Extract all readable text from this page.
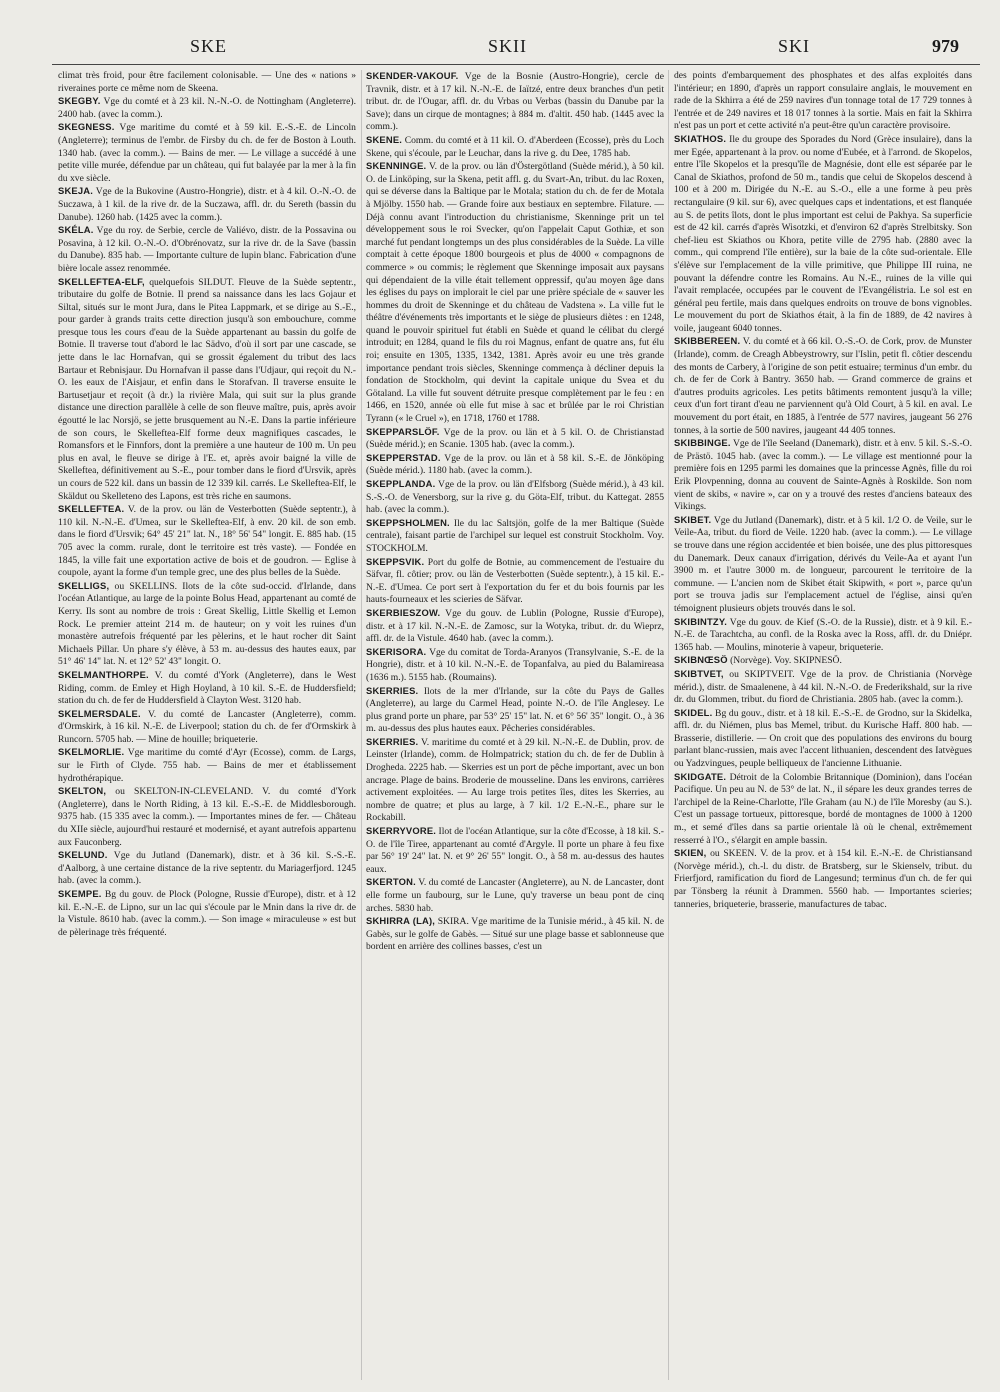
SKE	SKII	SKI	979

climat très froid, pour être facilement colonisable. — Une des « nations » riveraines porte ce même nom de Skeena.

SKEGBY. Vge du comté et à 23 kil. N.-N.-O. de Nottingham (Angleterre). 2400 hab. (avec la comm.).

SKEGNESS. Vge maritime du comté et à 59 kil. E.-S.-E. de Lincoln (Angleterre); terminus de l'embr. de Firsby du ch. de fer de Boston à Louth. 1340 hab. (avec la comm.). — Bains de mer. — Le village a succédé à une petite ville murée, défendue par un château, qui fut balayée par la mer à la fin du xve siècle.

SKEJA. Vge de la Bukovine (Austro-Hongrie), distr. et à 4 kil. O.-N.-O. de Suczawa, à 1 kil. de la rive dr. de la Suczawa, affl. dr. du Sereth (bassin du Danube). 1260 hab. (1425 avec la comm.).

SKÉLA. Vge du roy. de Serbie, cercle de Valiévo, distr. de la Possavina ou Posavina, à 12 kil. O.-N.-O. d'Obrénovatz, sur la rive dr. de la Save (bassin du Danube). 835 hab. — Importante culture de lupin blanc. Fabrication d'une bière locale assez renommée.

SKELLEFTEA-ELF, quelquefois SILDUT. Fleuve de la Suède septentr., tributaire du golfe de Botnie. Il prend sa naissance dans les lacs Gojaur et Siltal, situés sur le mont Jura, dans le Pitea Lappmark, et se dirige au S.-E., pour garder à grands traits cette direction jusqu'à son embouchure, comme presque tous les cours d'eau de la Suède appartenant au bassin du golfe de Botnie. Il traverse tout d'abord le lac Sädvo, d'où il sort par une cascade, se jette dans le lac Hornafvan, qui se grossit également du tribut des lacs Bartaur et Rebnisjaur. Du Hornafvan il passe dans l'Udjaur, qui reçoit du N.-O. les eaux de l'Aisjaur, et enfin dans le Storafvan. Il traverse ensuite le Bartusetjaur et reçoit (à dr.) la rivière Mala, qui suit sur la plus grande distance une direction parallèle à celle de son fleuve maître, puis, après avoir égoutté le lac Norsjö, se jette brusquement au N.-E. Dans la partie inférieure de son cours, le Skelleftea-Elf forme deux magnifiques cascades, le Romansfors et le Finnfors, dont la première a une hauteur de 100 m. Un peu plus en aval, le fleuve se dirige à l'E. et, après avoir baigné la ville de Skelleftea, définitivement au S.-E., pour tomber dans le fiord d'Ursvik, après un cours de 522 kil. dans un bassin de 12 339 kil. carrés. Le Skelleftea-Elf, le Skäldut ou Skelleteno des Lapons, est très riche en saumons.

SKELLEFTEA. V. de la prov. ou län de Vesterbotten (Suède septentr.), à 110 kil. N.-N.-E. d'Umea, sur le Skelleftea-Elf, à env. 20 kil. de son emb. dans le fiord d'Ursvik; 64° 45' 21" lat. N., 18° 56' 54" longit. E. 885 hab. (15 705 avec la comm. rurale, dont le territoire est très vaste). — Fondée en 1845, la ville fait une exportation active de bois et de goudron. — Eglise à coupole, ayant la forme d'un temple grec, une des plus belles de la Suède.

SKELLIGS, ou SKELLINS. Ilots de la côte sud-occid. d'Irlande, dans l'océan Atlantique, au large de la pointe Bolus Head, appartenant au comté de Kerry. Ils sont au nombre de trois : Great Skellig, Little Skellig et Lemon Rock. Le premier atteint 214 m. de hauteur; on y voit les ruines d'un monastère autrefois fréquenté par les pèlerins, et le haut rocher dit Saint Michaels Pillar. Un phare s'y élève, à 53 m. au-dessus des hautes eaux, par 51° 46' 14" lat. N. et 12° 52' 43" longit. O.

SKELMANTHORPE. V. du comté d'York (Angleterre), dans le West Riding, comm. de Emley et High Hoyland, à 10 kil. S.-E. de Huddersfield; station du ch. de fer de Huddersfield à Clayton West. 3120 hab.

SKELMERSDALE. V. du comté de Lancaster (Angleterre), comm. d'Ormskirk, à 16 kil. N.-E. de Liverpool; station du ch. de fer d'Ormskirk à Runcorn. 5705 hab. — Mine de houille; briqueterie.

SKELMORLIE. Vge maritime du comté d'Ayr (Ecosse), comm. de Largs, sur le Firth of Clyde. 755 hab. — Bains de mer et établissement hydrothérapique.

SKELTON, ou SKELTON-IN-CLEVELAND. V. du comté d'York (Angleterre), dans le North Riding, à 13 kil. E.-S.-E. de Middlesborough. 9375 hab. (15 335 avec la comm.). — Importantes mines de fer. — Château du XIIe siècle, aujourd'hui restauré et modernisé, et ayant autrefois appartenu aux Fauconberg.

SKELUND. Vge du Jutland (Danemark), distr. et à 36 kil. S.-S.-E. d'Aalborg, à une certaine distance de la rive septentr. du Mariagerfjord. 1245 hab. (avec la comm.).

SKEMPE. Bg du gouv. de Plock (Pologne, Russie d'Europe), distr. et à 12 kil. E.-N.-E. de Lipno, sur un lac qui s'écoule par le Mnin dans la rive dr. de la Vistule. 8610 hab. (avec la comm.). — Son image « miraculeuse » est but de pèlerinage très fréquenté.

SKENDER-VAKOUF. Vge de la Bosnie (Austro-Hongrie), cercle de Travnik, distr. et à 17 kil. N.-N.-E. de Iaïtzé, entre deux branches d'un petit tribut. dr. de l'Ougar, affl. dr. du Vrbas ou Verbas (bassin du Danube par la Save); dans un cirque de montagnes; à 884 m. d'altit. 450 hab. (1445 avec la comm.).

SKENE. Comm. du comté et à 11 kil. O. d'Aberdeen (Ecosse), près du Loch Skene, qui s'écoule, par le Leuchar, dans la rive g. du Dee, 1785 hab.

SKENNINGE. V. de la prov. ou län d'Östergötland (Suède mérid.), à 50 kil. O. de Linköping, sur la Skena, petit affl. g. du Svart-An, tribut. du lac Roxen, qui se déverse dans la Baltique par le Motala; station du ch. de fer de Motala à Mjölby. 1550 hab. — Grande foire aux bestiaux en septembre. Filature. — Déjà connu avant l'introduction du christianisme, Skenninge prit un tel développement sous le roi Svecker, qu'on l'appelait Caput Gothiæ, et son marché fut pendant longtemps un des plus considérables de la Suède. La ville comptait à cette époque 1800 bourgeois et plus de 4000 « compagnons de commerce » ou commis; le règlement que Skenninge imposait aux paysans qui dépendaient de la ville était tellement oppressif, qu'au moyen âge dans les églises du pays on implorait le ciel par une prière spéciale de « sauver les hommes du droit de Skenninge et du château de Vadstena ». La ville fut le théâtre d'événements très importants et le siège de plusieurs diètes : en 1248, quand le pouvoir spirituel fut établi en Suède et quand le célibat du clergé introduit; en 1284, quand le fils du roi Magnus, enfant de quatre ans, fut élu roi; ensuite en 1305, 1335, 1342, 1381. Après avoir eu une très grande importance pendant trois siècles, Skenninge commença à décliner depuis la fondation de Stockholm, qui devint la capitale unique du Svea et du Götaland. La ville fut souvent détruite presque complètement par le feu : en 1466, en 1520, année où elle fut mise à sac et brûlée par le roi Christian Tyrann (« le Cruel »), en 1718, 1760 et 1788.

SKEPPARSLÖF. Vge de la prov. ou län et à 5 kil. O. de Christianstad (Suède mérid.); en Scanie. 1305 hab. (avec la comm.).

SKEPPERSTAD. Vge de la prov. ou län et à 58 kil. S.-E. de Jönköping (Suède mérid.). 1180 hab. (avec la comm.).

SKEPPLANDA. Vge de la prov. ou län d'Elfsborg (Suède mérid.), à 43 kil. S.-S.-O. de Venersborg, sur la rive g. du Göta-Elf, tribut. du Kattegat. 2855 hab. (avec la comm.).

SKEPPSHOLMEN. Ile du lac Saltsjön, golfe de la mer Baltique (Suède centrale), faisant partie de l'archipel sur lequel est construit Stockholm. Voy. STOCKHOLM.

SKEPPSVIK. Port du golfe de Botnie, au commencement de l'estuaire du Säfvar, fl. côtier; prov. ou län de Vesterbotten (Suède septentr.), à 15 kil. E.-N.-E. d'Umea. Ce port sert à l'exportation du fer et du bois fournis par les hauts-fourneaux et les scieries de Säfvar.

SKERBIESZOW. Vge du gouv. de Lublin (Pologne, Russie d'Europe), distr. et à 17 kil. N.-N.-E. de Zamosc, sur la Wotyka, tribut. dr. du Wieprz, affl. dr. de la Vistule. 4640 hab. (avec la comm.).

SKERISORA. Vge du comitat de Torda-Aranyos (Transylvanie, S.-E. de la Hongrie), distr. et à 10 kil. N.-N.-E. de Topanfalva, au pied du Balamireasa (1636 m.). 5155 hab. (Roumains).

SKERRIES. Ilots de la mer d'Irlande, sur la côte du Pays de Galles (Angleterre), au large du Carmel Head, pointe N.-O. de l'île Anglesey. Le plus grand porte un phare, par 53° 25' 15" lat. N. et 6° 56' 35" longit. O., à 36 m. au-dessus des plus hautes eaux. Pêcheries considérables.

SKERRIES. V. maritime du comté et à 29 kil. N.-N.-E. de Dublin, prov. de Leinster (Irlande), comm. de Holmpatrick; station du ch. de fer de Dublin à Drogheda. 2225 hab. — Skerries est un port de pêche important, avec un bon ancrage. Plage de bains. Broderie de mousseline. Dans les environs, carrières activement exploitées. — Au large trois petites îles, dites les Skerries, au nombre de quatre; et plus au large, à 7 kil. 1/2 E.-N.-E., phare sur le Rockabill.

SKERRYVORE. Ilot de l'océan Atlantique, sur la côte d'Ecosse, à 18 kil. S.-O. de l'île Tiree, appartenant au comté d'Argyle. Il porte un phare à feu fixe par 56° 19' 24" lat. N. et 9° 26' 55" longit. O., à 58 m. au-dessus des hautes eaux.

SKERTON. V. du comté de Lancaster (Angleterre), au N. de Lancaster, dont elle forme un faubourg, sur le Lune, qu'y traverse un beau pont de cinq arches. 5830 hab.

SKHIRRA (LA), SKIRA. Vge maritime de la Tunisie mérid., à 45 kil. N. de Gabès, sur le golfe de Gabès. — Situé sur une plage basse et sablonneuse que bordent en arrière des collines basses, c'est un

des points d'embarquement des phosphates et des alfas exploités dans l'intérieur; en 1890, d'après un rapport consulaire anglais, le mouvement en rade de la Skhirra a été de 259 navires d'un tonnage total de 17 729 tonnes à l'entrée et de 249 navires et 18 017 tonnes à la sortie. Mais en fait la Skhirra n'est pas un port et cette activité n'a peut-être qu'un caractère provisoire.

SKIATHOS. Ile du groupe des Sporades du Nord (Grèce insulaire), dans la mer Egée, appartenant à la prov. ou nome d'Eubée, et à l'arrond. de Skopelos, entre l'île Skopelos et la presqu'île de Magnésie, dont elle est séparée par le Canal de Skiathos, profond de 50 m., tandis que celui de Skopelos descend à 100 et à 200 m. Dirigée du N.-E. au S.-O., elle a une forme à peu près rectangulaire (9 kil. sur 6), avec quelques caps et indentations, et est flanquée au S. de petits îlots, dont le plus important est celui de Pakhya. Sa superficie est de 42 kil. carrés d'après Wisotzki, et d'environ 62 d'après Strelbitsky. Son chef-lieu est Skiathos ou Khora, petite ville de 2795 hab. (2880 avec la comm., qui comprend l'île entière), sur la baie de la côte sud-orientale. Elle s'élève sur l'emplacement de la ville primitive, que Philippe III ruina, ne pouvant la défendre contre les Romains. Au N.-E., ruines de la ville qui l'avait remplacée, occupées par le couvent de l'Evangélistria. Le sol est en général peu fertile, mais dans quelques endroits on trouve de bons vignobles. Le mouvement du port de Skiathos était, à la fin de 1889, de 42 navires à voile, jaugeant 6040 tonnes.

SKIBBEREEN. V. du comté et à 66 kil. O.-S.-O. de Cork, prov. de Munster (Irlande), comm. de Creagh Abbeystrowry, sur l'Islin, petit fl. côtier descendu des monts de Carbery, à l'origine de son petit estuaire; terminus d'un embr. du ch. de fer de Cork à Bantry. 3650 hab. — Grand commerce de grains et d'autres produits agricoles. Les petits bâtiments remontent jusqu'à la ville; ceux d'un fort tirant d'eau ne parviennent qu'à Old Court, à 5 kil. en aval. Le mouvement du port était, en 1885, à l'entrée de 577 navires, jaugeant 56 276 tonnes, à la sortie de 500 navires, jaugeant 44 405 tonnes.

SKIBBINGE. Vge de l'île Seeland (Danemark), distr. et à env. 5 kil. S.-S.-O. de Prästö. 1045 hab. (avec la comm.). — Le village est mentionné pour la première fois en 1295 parmi les domaines que la princesse Agnès, fille du roi Erik Plovpenning, donna au couvent de Sainte-Agnès à Roskilde. Son nom vient de skibs, « navire », car on y a trouvé des restes d'anciens bateaux des Vikings.

SKIBET. Vge du Jutland (Danemark), distr. et à 5 kil. 1/2 O. de Veile, sur le Veile-Aa, tribut. du fiord de Veile. 1220 hab. (avec la comm.). — Le village se trouve dans une région accidentée et bien boisée, une des plus pittoresques du Danemark. Deux canaux d'irrigation, dérivés du Veile-Aa et ayant l'un 3900 m. et l'autre 3000 m. de longueur, parcourent le territoire de la commune. — L'ancien nom de Skibet était Skipwith, « port », parce qu'un port se trouva jadis sur l'emplacement actuel de l'église, ainsi qu'en témoignent plusieurs objets trouvés dans le sol.

SKIBINTZY. Vge du gouv. de Kief (S.-O. de la Russie), distr. et à 9 kil. E.-N.-E. de Tarachtcha, au confl. de la Roska avec la Ross, affl. dr. du Dniépr. 1365 hab. — Moulins, minoterie à vapeur, briqueterie.

SKIBNŒSÖ (Norvège). Voy. SKIPNESÖ.

SKIBTVET, ou SKIPTVEIT. Vge de la prov. de Christiania (Norvège mérid.), distr. de Smaalenene, à 44 kil. N.-N.-O. de Frederikshald, sur la rive dr. du Glommen, tribut. du fiord de Christiania. 2805 hab. (avec la comm.).

SKIDEL. Bg du gouv., distr. et à 18 kil. E.-S.-E. de Grodno, sur la Skidelka, affl. dr. du Niémen, plus bas Memel, tribut. du Kurische Haff. 800 hab. — Brasserie, distillerie. — On croit que des populations des environs du bourg parlant blanc-russien, mais avec l'accent lithuanien, descendent des Iatvègues ou Yadzvingues, peuple belliqueux de l'ancienne Lithuanie.

SKIDGATE. Détroit de la Colombie Britannique (Dominion), dans l'océan Pacifique. Un peu au N. de 53° de lat. N., il sépare les deux grandes terres de l'archipel de la Reine-Charlotte, l'île Graham (au N.) de l'île Moresby (au S.). C'est un passage tortueux, pittoresque, bordé de montagnes de 1000 à 1200 m., et semé d'îles dans sa partie orientale là où le chenal, extrêmement resserré à l'O., s'élargit en ample bassin.

SKIEN, ou SKEEN. V. de la prov. et à 154 kil. E.-N.-E. de Christiansand (Norvège mérid.), ch.-l. du distr. de Bratsberg, sur le Skienselv, tribut. du Frierfjord, ramification du fiord de Langesund; terminus d'un ch. de fer qui par Tönsberg la réunit à Drammen. 5560 hab. — Importantes scieries; tanneries, briqueterie, brasserie, manufactures de tabac.
